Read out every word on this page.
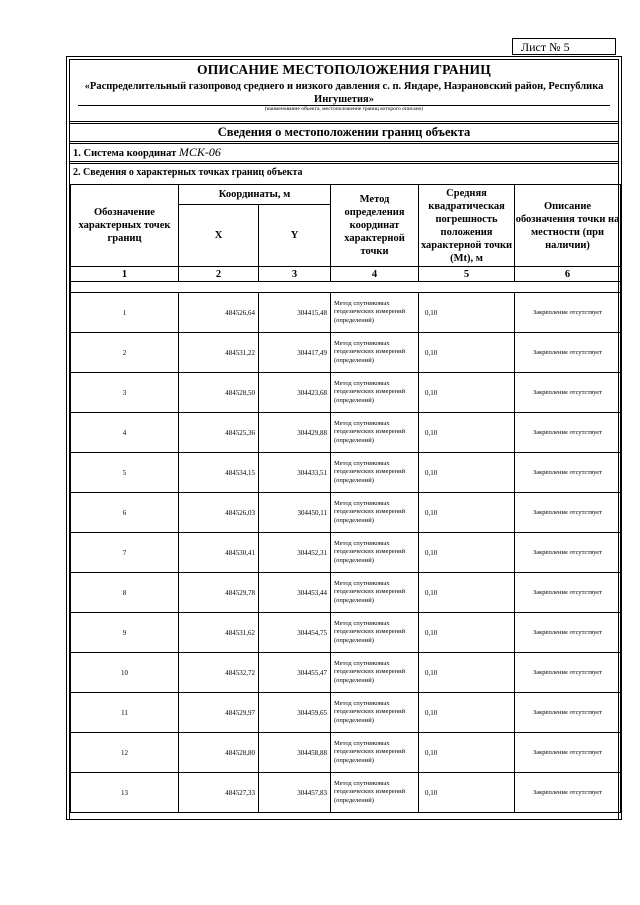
Лист № 5
ОПИСАНИЕ МЕСТОПОЛОЖЕНИЯ ГРАНИЦ
«Распределительный газопровод среднего и низкого давления с. п. Яндаре, Назрановский район, Республика Ингушетия»
(наименование объекта, местоположение границ которого описано)
Сведения о местоположении границ объекта
1. Система координат МСК-06
2. Сведения о характерных точках границ объекта
Обозначение характерных точек границ	Координаты, м		Метод определения координат характерной точки	Средняя квадратическая погрешность положения характерной точки (Mt), м	Описание обозначения точки на местности (при наличии)
	X	Y			
1	2	3	4	5	6

1	484526,64	304415,48	Метод спутниковых геодезических измерений (определений)	0,10	Закрепление отсутствует
2	484531,22	304417,49	Метод спутниковых геодезических измерений (определений)	0,10	Закрепление отсутствует
3	484528,50	304423,68	Метод спутниковых геодезических измерений (определений)	0,10	Закрепление отсутствует
4	484525,36	304429,88	Метод спутниковых геодезических измерений (определений)	0,10	Закрепление отсутствует
5	484534,15	304433,51	Метод спутниковых геодезических измерений (определений)	0,10	Закрепление отсутствует
6	484526,03	304450,11	Метод спутниковых геодезических измерений (определений)	0,10	Закрепление отсутствует
7	484530,41	304452,31	Метод спутниковых геодезических измерений (определений)	0,10	Закрепление отсутствует
8	484529,78	304453,44	Метод спутниковых геодезических измерений (определений)	0,10	Закрепление отсутствует
9	484531,62	304454,75	Метод спутниковых геодезических измерений (определений)	0,10	Закрепление отсутствует
10	484532,72	304455,47	Метод спутниковых геодезических измерений (определений)	0,10	Закрепление отсутствует
11	484529,97	304459,65	Метод спутниковых геодезических измерений (определений)	0,10	Закрепление отсутствует
12	484528,80	304458,88	Метод спутниковых геодезических измерений (определений)	0,10	Закрепление отсутствует
13	484527,33	304457,83	Метод спутниковых геодезических измерений (определений)	0,10	Закрепление отсутствует
